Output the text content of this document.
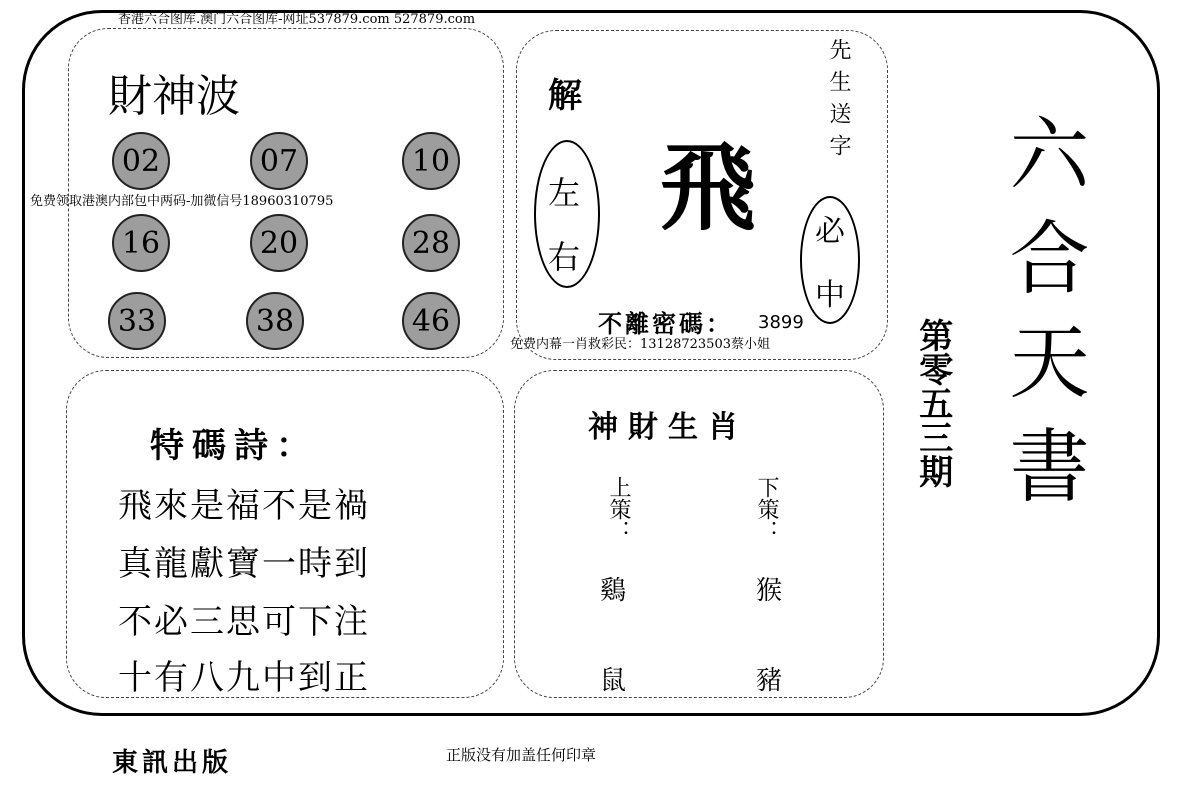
香港六合图库.澳门六合图库-网址537879.com 527879.com
財神波
02	07	10
16	20	28
33	38	46
免费领取港澳内部包中两码-加微信号18960310795
解
左
右
飛
先生送字
必
中
不離密碼： 3899
免费内幕一肖救彩民：13128723503蔡小姐
特碼詩：
飛來是福不是禍
真龍獻寶一時到
不必三思可下注
十有八九中到正
神財生肖
上策：
鷄
鼠
下策：
猴
豬
六合天書
第零五三期
東訊出版	正版没有加盖任何印章
